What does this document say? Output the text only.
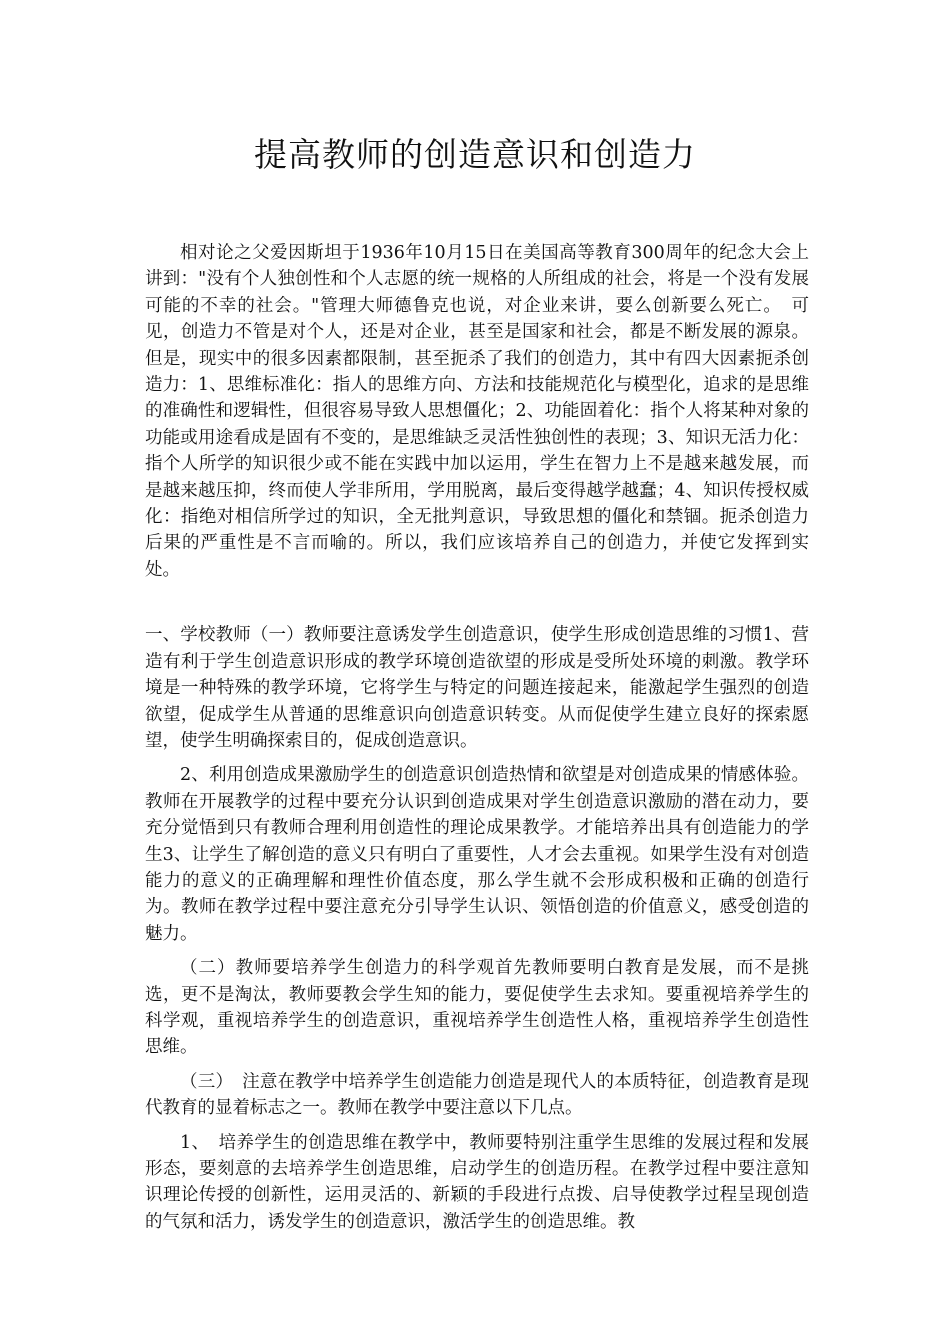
提高教师的创造意识和创造力

相对论之父爱因斯坦于1936年10月15日在美国高等教育300周年的纪念大会上讲到："没有个人独创性和个人志愿的统一规格的人所组成的社会，将是一个没有发展可能的不幸的社会。"管理大师德鲁克也说，对企业来讲，要么创新要么死亡。　可见，创造力不管是对个人，还是对企业，甚至是国家和社会，都是不断发展的源泉。但是，现实中的很多因素都限制，甚至扼杀了我们的创造力，其中有四大因素扼杀创造力：1、思维标准化：指人的思维方向、方法和技能规范化与模型化，追求的是思维的准确性和逻辑性，但很容易导致人思想僵化；2、功能固着化：指个人将某种对象的功能或用途看成是固有不变的，是思维缺乏灵活性独创性的表现；3、知识无活力化：指个人所学的知识很少或不能在实践中加以运用，学生在智力上不是越来越发展，而是越来越压抑，终而使人学非所用，学用脱离，最后变得越学越蠢；4、知识传授权威化：指绝对相信所学过的知识，全无批判意识，导致思想的僵化和禁锢。扼杀创造力后果的严重性是不言而喻的。所以，我们应该培养自己的创造力，并使它发挥到实处。

一、学校教师（一）教师要注意诱发学生创造意识，使学生形成创造思维的习惯1、营造有利于学生创造意识形成的教学环境创造欲望的形成是受所处环境的刺激。教学环境是一种特殊的教学环境，它将学生与特定的问题连接起来，能激起学生强烈的创造欲望，促成学生从普通的思维意识向创造意识转变。从而促使学生建立良好的探索愿望，使学生明确探索目的，促成创造意识。

2、利用创造成果激励学生的创造意识创造热情和欲望是对创造成果的情感体验。教师在开展教学的过程中要充分认识到创造成果对学生创造意识激励的潜在动力，要充分觉悟到只有教师合理利用创造性的理论成果教学。才能培养出具有创造能力的学生3、让学生了解创造的意义只有明白了重要性，人才会去重视。如果学生没有对创造能力的意义的正确理解和理性价值态度，那么学生就不会形成积极和正确的创造行为。教师在教学过程中要注意充分引导学生认识、领悟创造的价值意义，感受创造的魅力。

（二）教师要培养学生创造力的科学观首先教师要明白教育是发展，而不是挑选，更不是淘汰，教师要教会学生知的能力，要促使学生去求知。要重视培养学生的科学观，重视培养学生的创造意识，重视培养学生创造性人格，重视培养学生创造性思维。

（三）　注意在教学中培养学生创造能力创造是现代人的本质特征，创造教育是现代教育的显着标志之一。教师在教学中要注意以下几点。

1、　培养学生的创造思维在教学中，教师要特别注重学生思维的发展过程和发展形态，要刻意的去培养学生创造思维，启动学生的创造历程。在教学过程中要注意知识理论传授的创新性，运用灵活的、新颖的手段进行点拨、启导使教学过程呈现创造的气氛和活力，诱发学生的创造意识，激活学生的创造思维。教
